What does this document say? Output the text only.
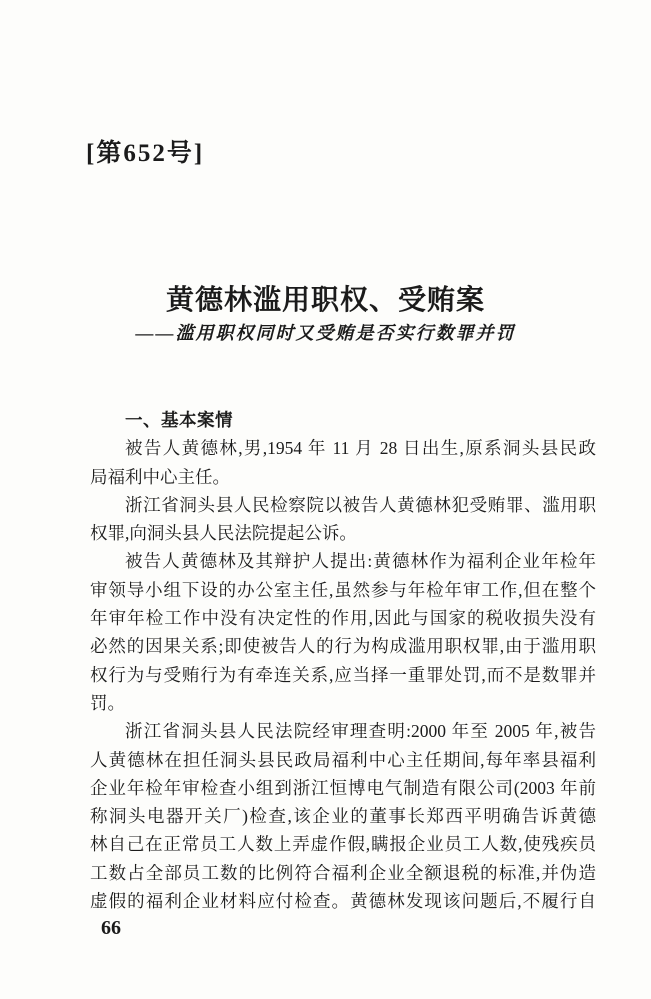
[第652号]
黄德林滥用职权、受贿案
——滥用职权同时又受贿是否实行数罪并罚
一、基本案情
被告人黄德林,男,1954 年 11 月 28 日出生,原系洞头县民政
局福利中心主任。
浙江省洞头县人民检察院以被告人黄德林犯受贿罪、滥用职
权罪,向洞头县人民法院提起公诉。
被告人黄德林及其辩护人提出:黄德林作为福利企业年检年
审领导小组下设的办公室主任,虽然参与年检年审工作,但在整个
年审年检工作中没有决定性的作用,因此与国家的税收损失没有
必然的因果关系;即使被告人的行为构成滥用职权罪,由于滥用职
权行为与受贿行为有牵连关系,应当择一重罪处罚,而不是数罪并
罚。
浙江省洞头县人民法院经审理查明:2000 年至 2005 年,被告
人黄德林在担任洞头县民政局福利中心主任期间,每年率县福利
企业年检年审检查小组到浙江恒博电气制造有限公司(2003 年前
称洞头电器开关厂)检查,该企业的董事长郑西平明确告诉黄德
林自己在正常员工人数上弄虚作假,瞒报企业员工人数,使残疾员
工数占全部员工数的比例符合福利企业全额退税的标准,并伪造
虚假的福利企业材料应付检查。黄德林发现该问题后,不履行自
66
